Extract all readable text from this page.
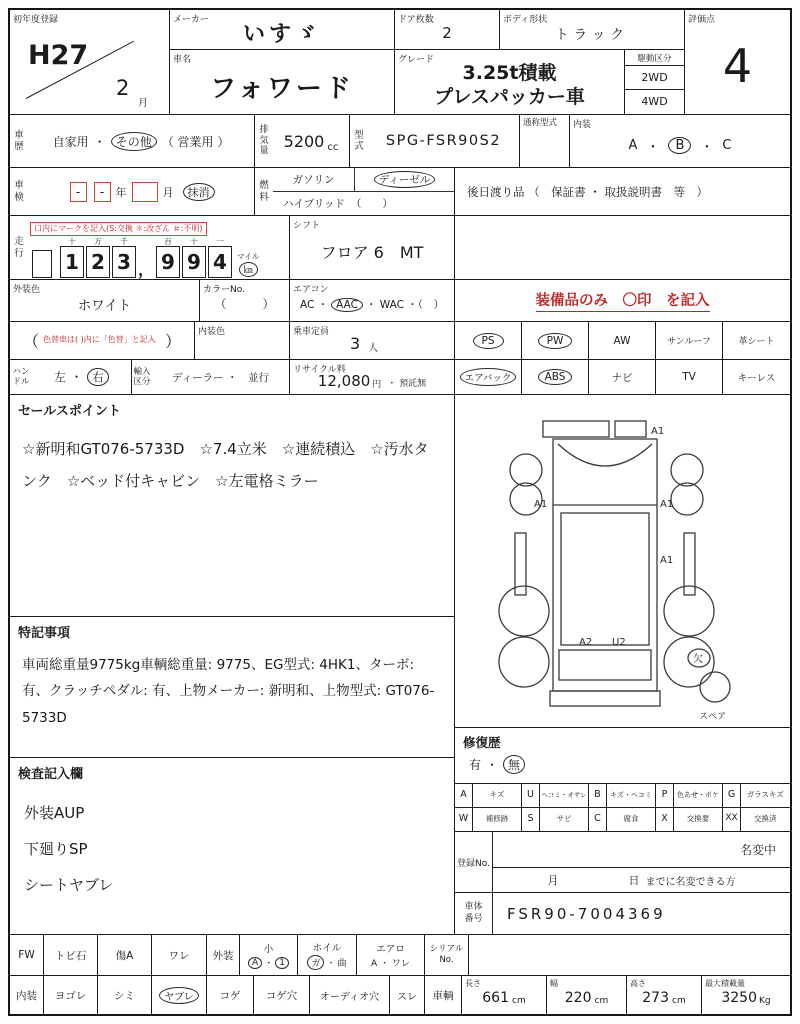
初年度登録
H27
2
月
メーカー
いすゞ
ドア枚数
2
ボディ形状
トラック
評価点
4
車名
フォワード
グレード
3.25t積載
プレスパッカー車
駆動区分
2WD
4WD
車歴	自家用 ・ その他 （ 営業用 ）
排気量
5200 cc
型式 SPG-FSR90S2
通称型式 内装
A ・	B	・ C
車検	-	-	年	月	抹消	燃料
ガソリン	ディーゼル
ハイブリッド （　　）
後日渡り品 （　保証書 ・ 取扱説明書　等　）
走行
口内にマークを記入(S:交換 ＊:改ざん ＃:不明)
十
1
万
2
千
3 ，
百
9
十
9
一
4	マイル
㎞
シフト
フロア 6　MT
外装色
ホワイト
カラーNo.
（　　　）
エアコン
AC ・ AAC ・ WAC ・（　）	装備品のみ　〇印　を記入
（ 色替車は( )内に「色替」と記入 ） 内装色	乗車定員
3 人
PS	PW	AW	サンルーフ	革シート
ハンドル 左 ・ 右	輸入区分 ディーラー ・　並行
リサイクル料
12,080 円 ・ 預託無	エアバック	ABS	ナビ	TV	キーレス
セールスポイント
☆新明和GT076-5733D　☆7.4立米　☆連続積込　☆汚水タンク　☆ベッド付キャビン　☆左電格ミラー
特記事項
車両総重量9775kg車輌総重量: 9775、EG型式: 4HK1、ターボ: 有、クラッチペダル: 有、上物メーカー: 新明和、上物型式: GT076-5733D
検査記入欄
外装AUP
下廻りSP
シートヤブレ
A1
A1	A1
A1
A2 U2
欠
スペア
修復歴
有 ・ 無
A	キズ	U	ヘコミ・オサレ B	キズ・ヘコミ	P	色あせ・ボケ G	ガラスキズ
W	補修跡	S	サビ	C	腐食	X	交換要	XX	交換済
登録No.
名変中
月	日 までに名変できる方
車体番号	FSR90-7004369
FW トビ石	傷A	ワレ 外装	小
A ・ 1
ホイル
ガ ・ 曲
エアロ
A ・ ワレ
シリアルNo.
内装 ヨゴレ	シミ	ヤブレ	コゲ コゲ穴 オーディオ穴 スレ 車輌
長さ
661 cm
幅
220 cm
高さ
273 cm
最大積載量
3250 Kg
